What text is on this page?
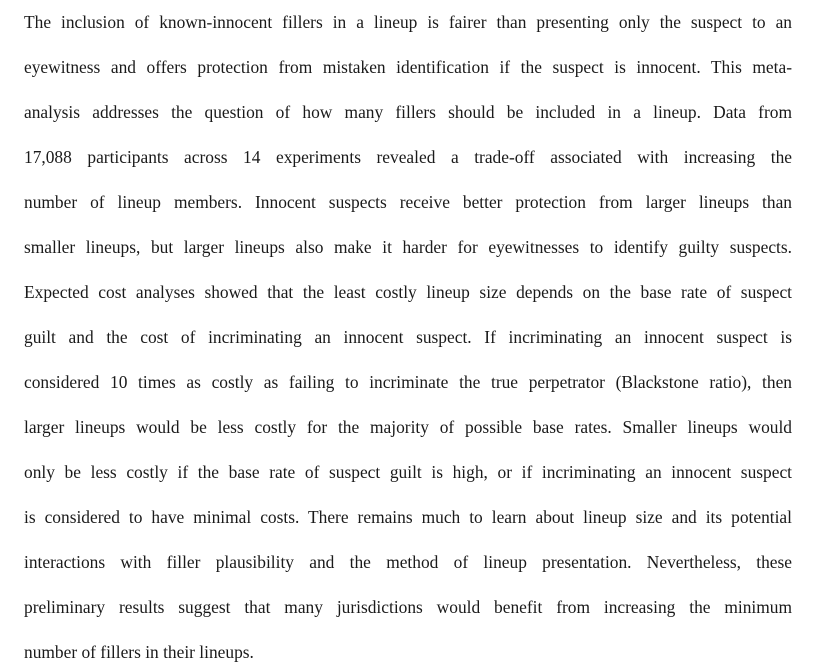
The inclusion of known-innocent fillers in a lineup is fairer than presenting only the suspect to an

eyewitness and offers protection from mistaken identification if the suspect is innocent. This meta-

analysis addresses the question of how many fillers should be included in a lineup. Data from

17,088 participants across 14 experiments revealed a trade-off associated with increasing the

number of lineup members. Innocent suspects receive better protection from larger lineups than

smaller lineups, but larger lineups also make it harder for eyewitnesses to identify guilty suspects.

Expected cost analyses showed that the least costly lineup size depends on the base rate of suspect

guilt and the cost of incriminating an innocent suspect. If incriminating an innocent suspect is

considered 10 times as costly as failing to incriminate the true perpetrator (Blackstone ratio), then

larger lineups would be less costly for the majority of possible base rates. Smaller lineups would

only be less costly if the base rate of suspect guilt is high, or if incriminating an innocent suspect

is considered to have minimal costs. There remains much to learn about lineup size and its potential

interactions with filler plausibility and the method of lineup presentation. Nevertheless, these

preliminary results suggest that many jurisdictions would benefit from increasing the minimum

number of fillers in their lineups.
